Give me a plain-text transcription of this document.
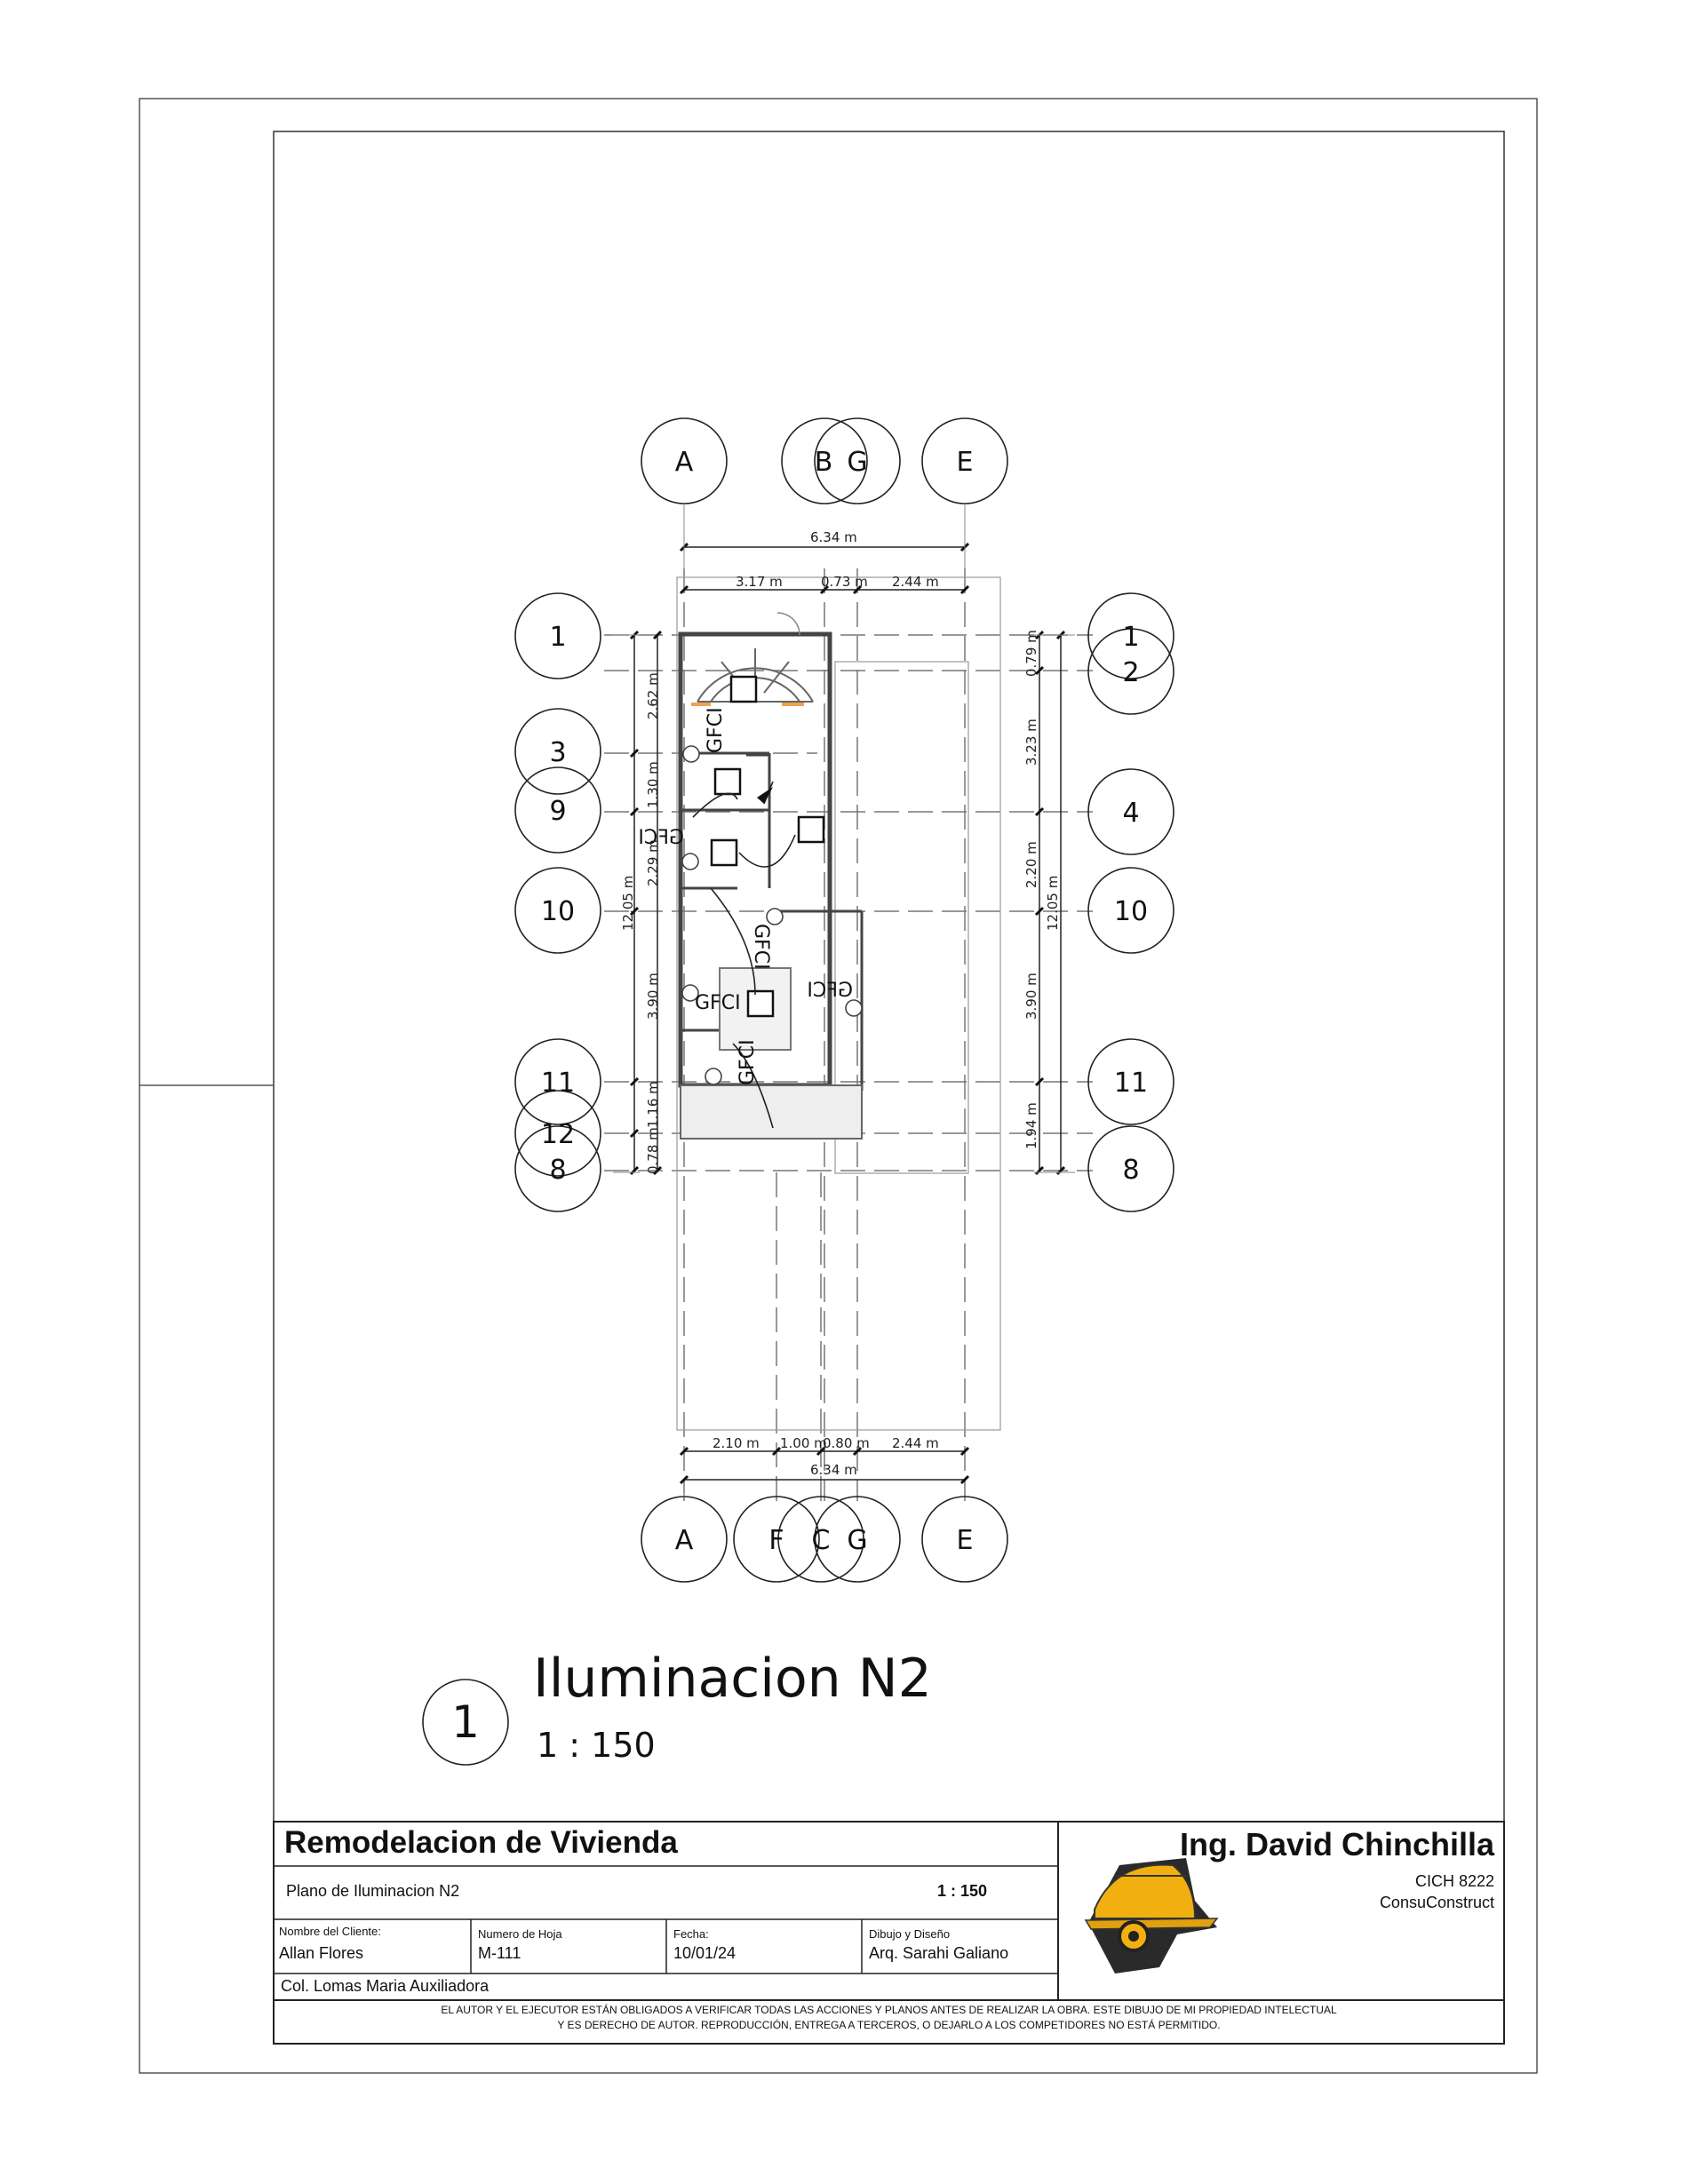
GFCI
GFCI
GFCI
GFCI
GFCI
GFCI
6.34 m
3.17 m	0.73 m 2.44 m
2.10 m 1.00 m
0.80 m 2.44 m
6.34 m
2.62 m
1.30 m
2.29 m
3.90 m
1.16 m
0.78 m
12.05 m
0.79 m
3.23 m
2.20 m
3.90 m
1.94 m
12.05 m
A	B G	E
A	F C G	E
1
3
9
10
11
12
8
1
2
4
10
11
8
1
Iluminacion N2
1 : 150
Remodelacion de Vivienda
Plano de Iluminacion N2	1 : 150
Nombre del Cliente:
Allan Flores
Numero de Hoja
M-111
Fecha:
10/01/24
Dibujo y Diseño
Arq. Sarahi Galiano
Col. Lomas Maria Auxiliadora
Ing. David Chinchilla
CICH 8222
ConsuConstruct
EL AUTOR Y EL EJECUTOR ESTÁN OBLIGADOS A VERIFICAR TODAS LAS ACCIONES Y PLANOS ANTES DE REALIZAR LA OBRA. ESTE DIBUJO DE MI PROPIEDAD INTELECTUAL
Y ES DERECHO DE AUTOR. REPRODUCCIÓN, ENTREGA A TERCEROS, O DEJARLO A LOS COMPETIDORES NO ESTÁ PERMITIDO.
